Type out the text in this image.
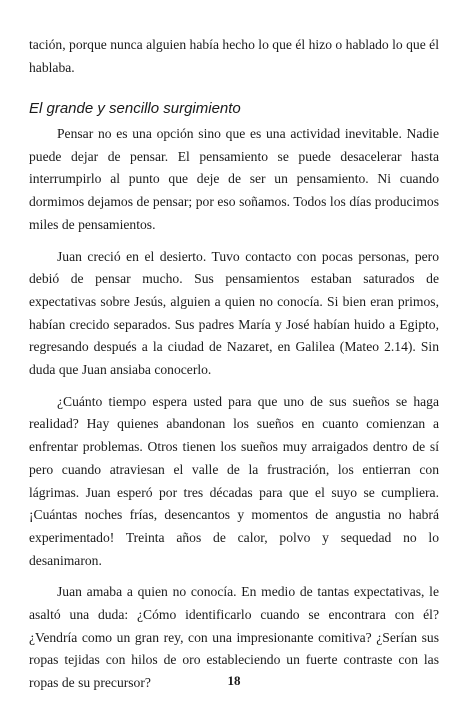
tación, porque nunca alguien había hecho lo que él hizo o hablado lo que él hablaba.

El grande y sencillo surgimiento

Pensar no es una opción sino que es una actividad inevitable. Nadie puede dejar de pensar. El pensamiento se puede desacelerar hasta interrumpirlo al punto que deje de ser un pensamiento. Ni cuando dormimos dejamos de pensar; por eso soñamos. Todos los días producimos miles de pensamientos.

Juan creció en el desierto. Tuvo contacto con pocas personas, pero debió de pensar mucho. Sus pensamientos estaban saturados de expectativas sobre Jesús, alguien a quien no conocía. Si bien eran primos, habían crecido separados. Sus padres María y José habían huido a Egipto, regresando después a la ciudad de Nazaret, en Galilea (Mateo 2.14). Sin duda que Juan ansiaba conocerlo.

¿Cuánto tiempo espera usted para que uno de sus sueños se haga realidad? Hay quienes abandonan los sueños en cuanto comienzan a enfrentar problemas. Otros tienen los sueños muy arraigados dentro de sí pero cuando atraviesan el valle de la frustración, los entierran con lágrimas. Juan esperó por tres décadas para que el suyo se cumpliera. ¡Cuántas noches frías, desencantos y momentos de angustia no habrá experimentado! Treinta años de calor, polvo y sequedad no lo desanimaron.

Juan amaba a quien no conocía. En medio de tantas expectativas, le asaltó una duda: ¿Cómo identificarlo cuando se encontrara con él? ¿Vendría como un gran rey, con una impresionante comitiva? ¿Serían sus ropas tejidas con hilos de oro estableciendo un fuerte contraste con las ropas de su precursor?	18
